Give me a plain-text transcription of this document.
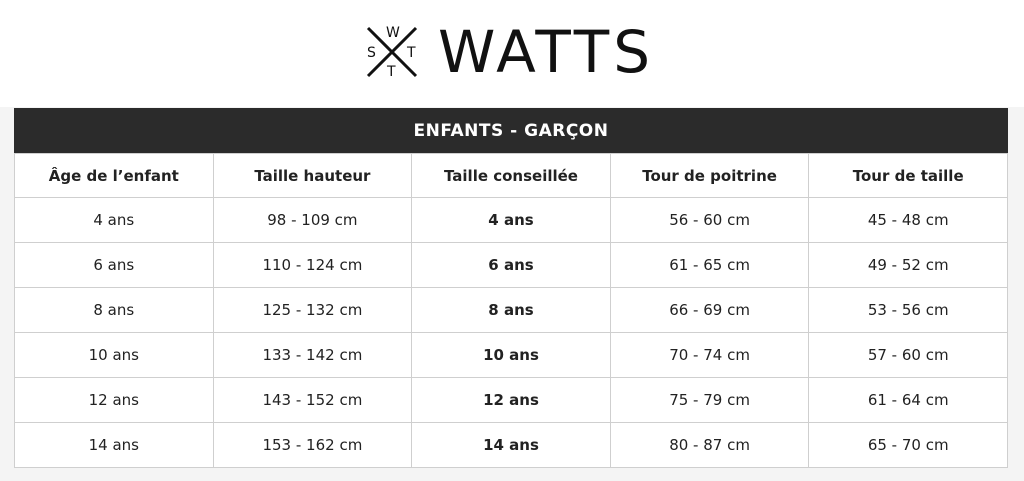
W
S T
T WATTS
ENFANTS - GARÇON
Âge de l’enfant	Taille hauteur	Taille conseillée	Tour de poitrine	Tour de taille
4 ans	98 - 109 cm	4 ans	56 - 60 cm	45 - 48 cm
6 ans	110 - 124 cm	6 ans	61 - 65 cm	49 - 52 cm
8 ans	125 - 132 cm	8 ans	66 - 69 cm	53 - 56 cm
10 ans	133 - 142 cm	10 ans	70 - 74 cm	57 - 60 cm
12 ans	143 - 152 cm	12 ans	75 - 79 cm	61 - 64 cm
14 ans	153 - 162 cm	14 ans	80 - 87 cm	65 - 70 cm
